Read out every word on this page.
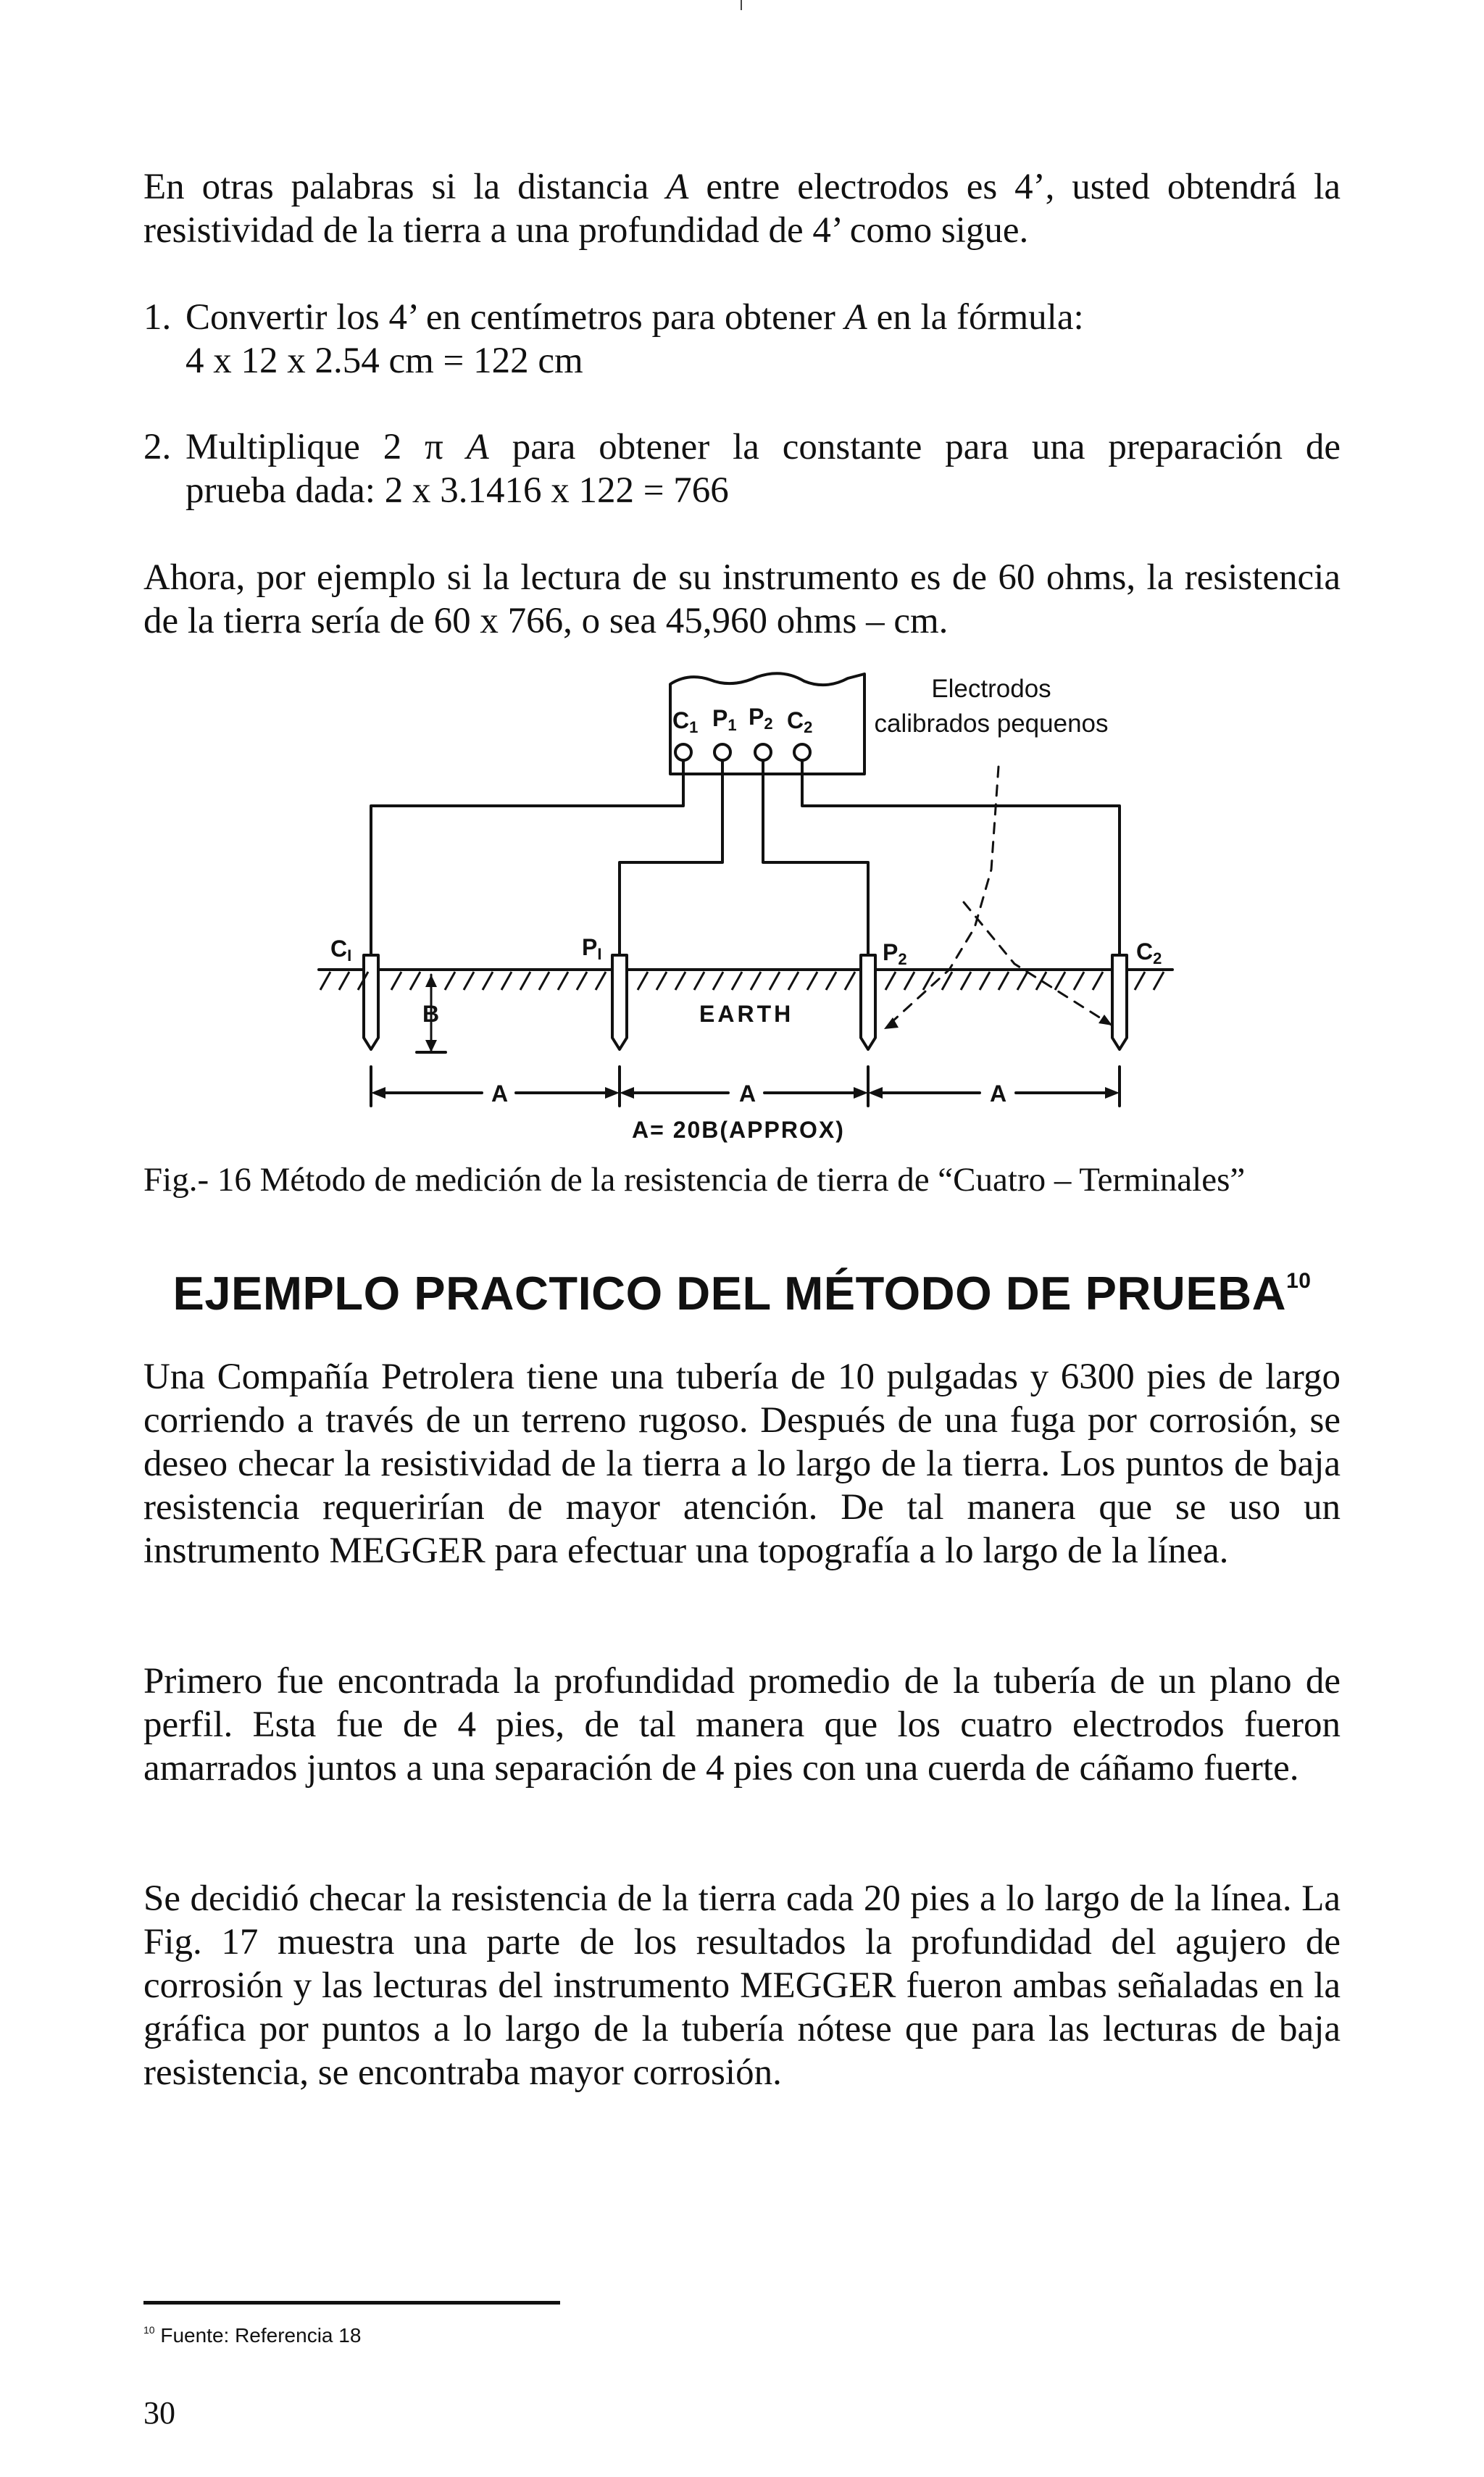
En otras palabras si la distancia A entre electrodos es 4’, usted obtendrá la resistividad de la tierra a una profundidad de 4’ como sigue.

1. Convertir los 4’ en centímetros para obtener A en la fórmula:
4 x 12 x 2.54 cm = 122 cm
2. Multiplique 2 π A para obtener la constante para una preparación de
prueba dada: 2 x 3.1416 x 122 = 766

Ahora, por ejemplo si la lectura de su instrumento es de 60 ohms, la resistencia de la tierra sería de 60 x 766, o sea 45,960 ohms – cm.

C1 P1 P2 C2
CI	PI	P2	C2
B	EARTH
A	A	A
A= 20B(APPROX)
Electrodos
calibrados pequenos

Fig.- 16 Método de medición de la resistencia de tierra de “Cuatro – Terminales”

EJEMPLO PRACTICO DEL MÉTODO DE PRUEBA$^{10}$

Una Compañía Petrolera tiene una tubería de 10 pulgadas y 6300 pies de largo corriendo a través de un terreno rugoso. Después de una fuga por corrosión, se deseo checar la resistividad de la tierra a lo largo de la tierra. Los puntos de baja resistencia requerirían de mayor atención. De tal manera que se uso un instrumento MEGGER para efectuar una topografía a lo largo de la línea.

Primero fue encontrada la profundidad promedio de la tubería de un plano de perfil. Esta fue de 4 pies, de tal manera que los cuatro electrodos fueron amarrados juntos a una separación de 4 pies con una cuerda de cáñamo fuerte.

Se decidió checar la resistencia de la tierra cada 20 pies a lo largo de la línea. La Fig. 17 muestra una parte de los resultados la profundidad del agujero de corrosión y las lecturas del instrumento MEGGER fueron ambas señaladas en la gráfica por puntos a lo largo de la tubería nótese que para las lecturas de baja resistencia, se encontraba mayor corrosión.

$^{10}$ Fuente: Referencia 18

30
